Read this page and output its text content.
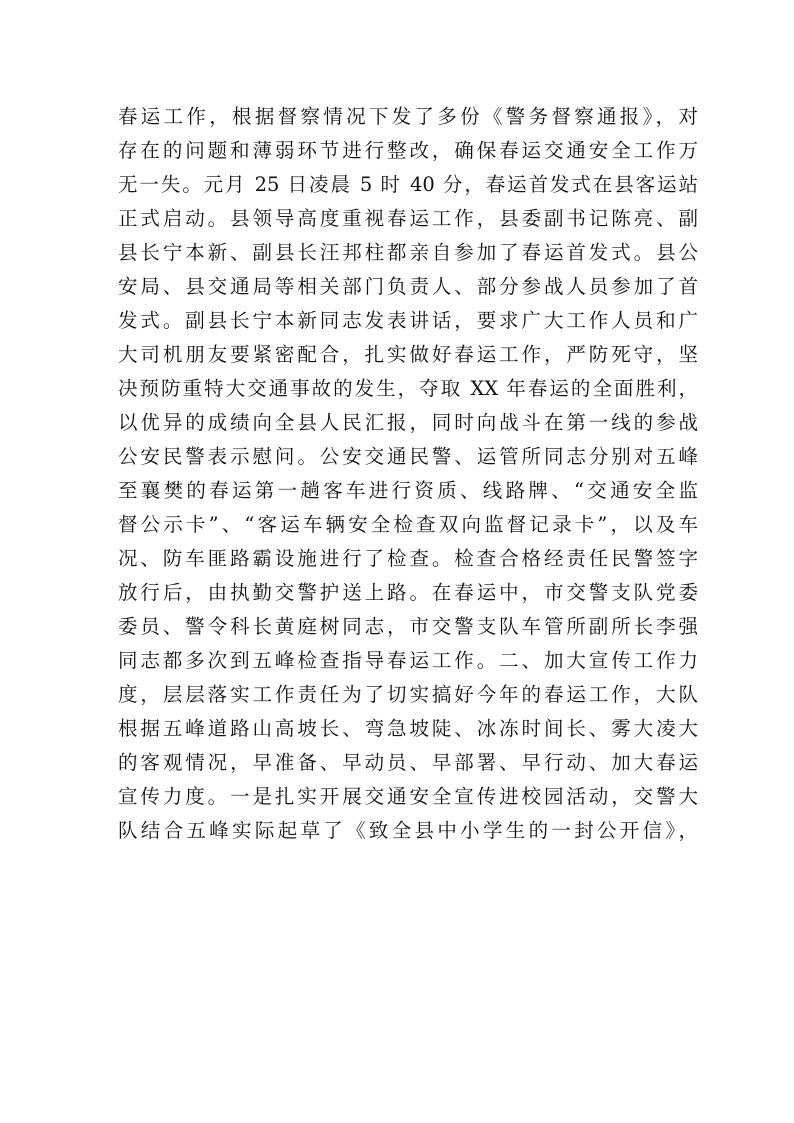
春运工作，根据督察情况下发了多份《警务督察通报》，对
存在的问题和薄弱环节进行整改，确保春运交通安全工作万
无一失。元月 25 日凌晨 5 时 40 分，春运首发式在县客运站
正式启动。县领导高度重视春运工作，县委副书记陈亮、副
县长宁本新、副县长汪邦柱都亲自参加了春运首发式。县公
安局、县交通局等相关部门负责人、部分参战人员参加了首
发式。副县长宁本新同志发表讲话，要求广大工作人员和广
大司机朋友要紧密配合，扎实做好春运工作，严防死守，坚
决预防重特大交通事故的发生，夺取 XX 年春运的全面胜利，
以优异的成绩向全县人民汇报，同时向战斗在第一线的参战
公安民警表示慰问。公安交通民警、运管所同志分别对五峰
至襄樊的春运第一趟客车进行资质、线路牌、“交通安全监
督公示卡”、“客运车辆安全检查双向监督记录卡”，以及车
况、防车匪路霸设施进行了检查。检查合格经责任民警签字
放行后，由执勤交警护送上路。在春运中，市交警支队党委
委员、警令科长黄庭树同志，市交警支队车管所副所长李强
同志都多次到五峰检查指导春运工作。二、加大宣传工作力
度，层层落实工作责任为了切实搞好今年的春运工作，大队
根据五峰道路山高坡长、弯急坡陡、冰冻时间长、雾大凌大
的客观情况，早准备、早动员、早部署、早行动、加大春运
宣传力度。一是扎实开展交通安全宣传进校园活动，交警大
队结合五峰实际起草了《致全县中小学生的一封公开信》，
